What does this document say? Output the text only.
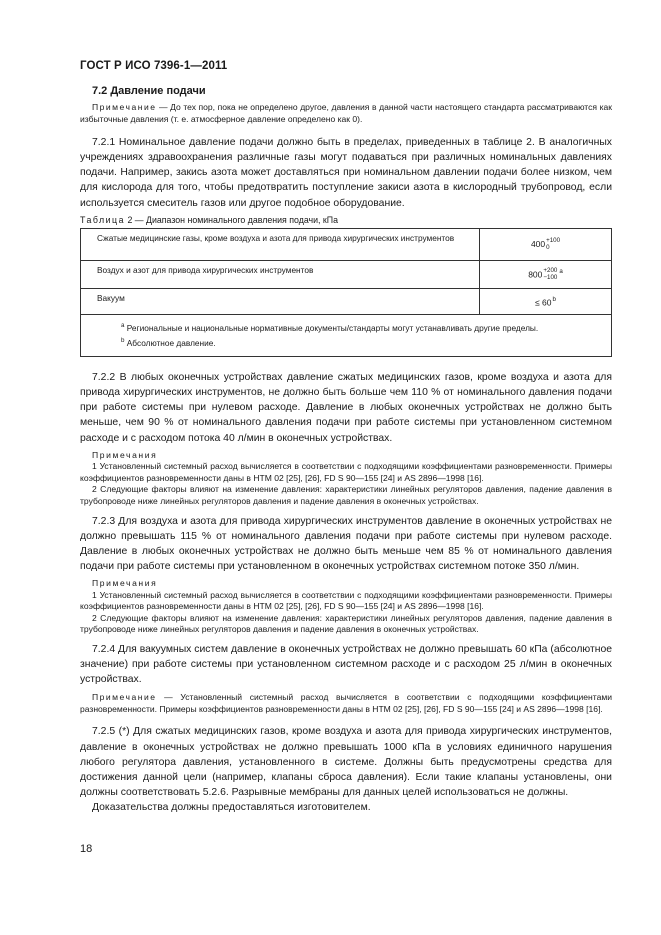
ГОСТ Р ИСО 7396-1—2011
7.2 Давление подачи

Примечание — До тех пор, пока не определено другое, давления в данной части настоящего стандарта рассматриваются как избыточные давления (т. е. атмосферное давление определено как 0).

7.2.1 Номинальное давление подачи должно быть в пределах, приведенных в таблице 2. В аналогичных учреждениях здравоохранения различные газы могут подаваться при различных номинальных давлениях подачи. Например, закись азота может доставляться при номинальном давлении подачи более низком, чем для кислорода для того, чтобы предотвратить поступление закиси азота в кислородный трубопровод, если используется смеситель газов или другое подобное оборудование.

Таблица 2 — Диапазон номинального давления подачи, кПа
Сжатые медицинские газы, кроме воздуха и азота для привода хирургических инструментов	400+100
0
Воздух и азот для привода хирургических инструментов	800+200
$-100^a$
Вакуум	≤ $60^b$

$^a$ Региональные и национальные нормативные документы/стандарты могут устанавливать другие пределы.
$^b$ Абсолютное давление.	

7.2.2 В любых оконечных устройствах давление сжатых медицинских газов, кроме воздуха и азота для привода хирургических инструментов, не должно быть больше чем 110 % от номинального давления подачи при работе системы при нулевом расходе. Давление в любых оконечных устройствах не должно быть меньше, чем 90 % от номинального давления подачи при работе системы при установленном системном расходе и с расходом потока 40 л/мин в оконечных устройствах.

Примечания

1 Установленный системный расход вычисляется в соответствии с подходящими коэффициентами разновременности. Примеры коэффициентов разновременности даны в HTM 02 [25], [26], FD S 90—155 [24] и AS 2896—1998 [16].

2 Следующие факторы влияют на изменение давления: характеристики линейных регуляторов давления, падение давления в трубопроводе ниже линейных регуляторов давления и падение давления в оконечных устройствах.

7.2.3 Для воздуха и азота для привода хирургических инструментов давление в оконечных устройствах не должно превышать 115 % от номинального давления подачи при работе системы при нулевом расходе. Давление в любых оконечных устройствах не должно быть меньше чем 85 % от номинального давления подачи при работе системы при установленном в оконечных устройствах системном потоке 350 л/мин.

Примечания

1 Установленный системный расход вычисляется в соответствии с подходящими коэффициентами разновременности. Примеры коэффициентов разновременности даны в HTM 02 [25], [26], FD S 90—155 [24] и AS 2896—1998 [16].

2 Следующие факторы влияют на изменение давления: характеристики линейных регуляторов давления, падение давления в трубопроводе ниже линейных регуляторов давления и падение давления в оконечных устройствах.

7.2.4 Для вакуумных систем давление в оконечных устройствах не должно превышать 60 кПа (абсолютное значение) при работе системы при установленном системном расходе и с расходом 25 л/мин в оконечных устройствах.

Примечание — Установленный системный расход вычисляется в соответствии с подходящими коэффициентами разновременности. Примеры коэффициентов разновременности даны в HTM 02 [25], [26], FD S 90—155 [24] и AS 2896—1998 [16].

7.2.5 (*) Для сжатых медицинских газов, кроме воздуха и азота для привода хирургических инструментов, давление в оконечных устройствах не должно превышать 1000 кПа в условиях единичного нарушения любого регулятора давления, установленного в системе. Должны быть предусмотрены средства для достижения данной цели (например, клапаны сброса давления). Если такие клапаны установлены, они должны соответствовать 5.2.6. Разрывные мембраны для данных целей использоваться не должны.

Доказательства должны предоставляться изготовителем.

18
